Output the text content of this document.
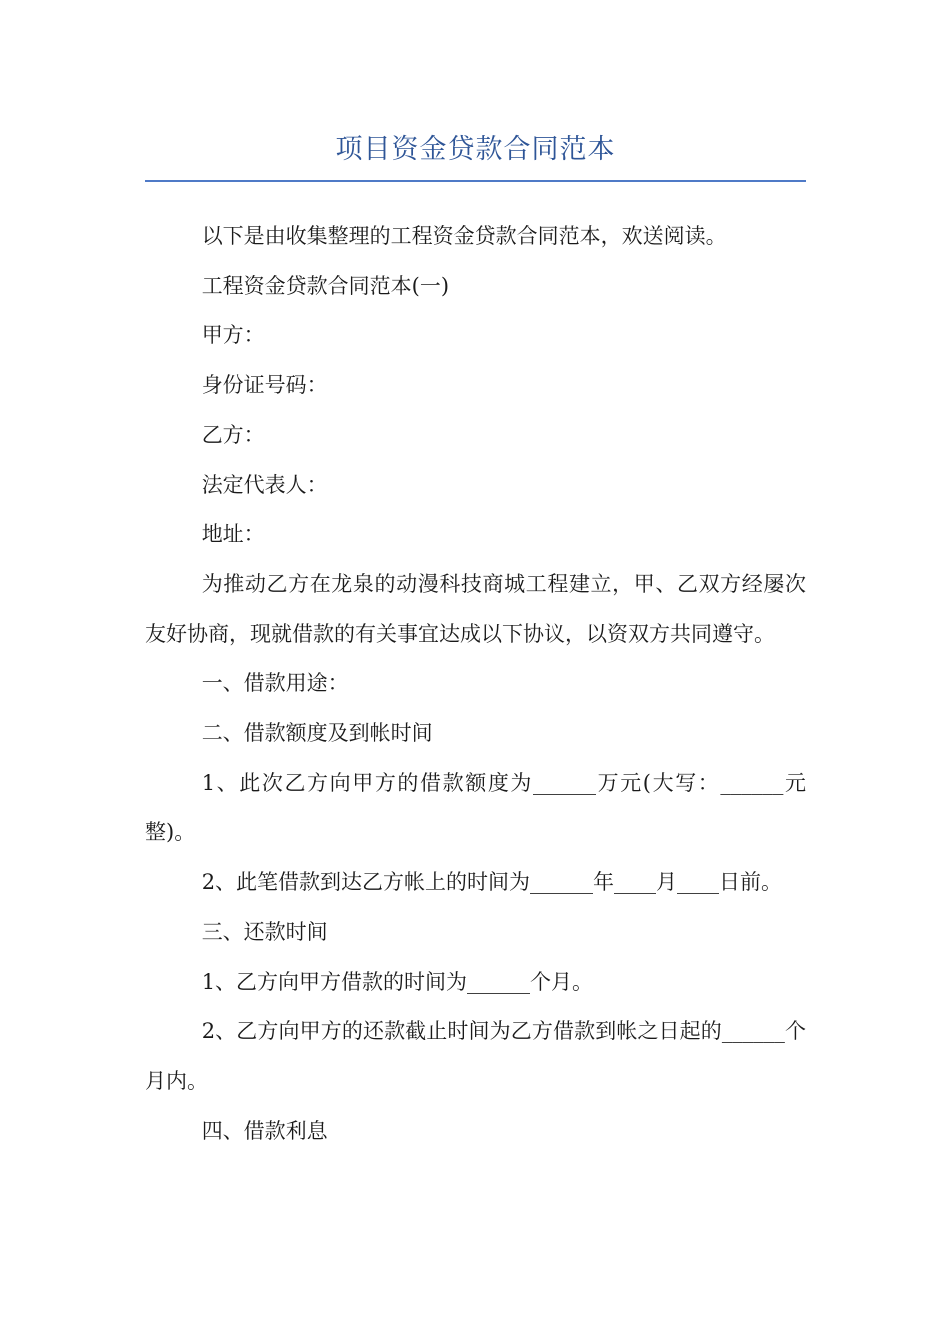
项目资金贷款合同范本

以下是由收集整理的工程资金贷款合同范本，欢送阅读。

工程资金贷款合同范本(一)

甲方：

身份证号码：

乙方：

法定代表人：

地址：

为推动乙方在龙泉的动漫科技商城工程建立，甲、乙双方经屡次友好协商，现就借款的有关事宜达成以下协议，以资双方共同遵守。

一、借款用途：

二、借款额度及到帐时间

1、此次乙方向甲方的借款额度为______万元(大写：______元整)。

2、此笔借款到达乙方帐上的时间为______年____月____日前。

三、还款时间

1、乙方向甲方借款的时间为______个月。

2、乙方向甲方的还款截止时间为乙方借款到帐之日起的______个月内。

四、借款利息
